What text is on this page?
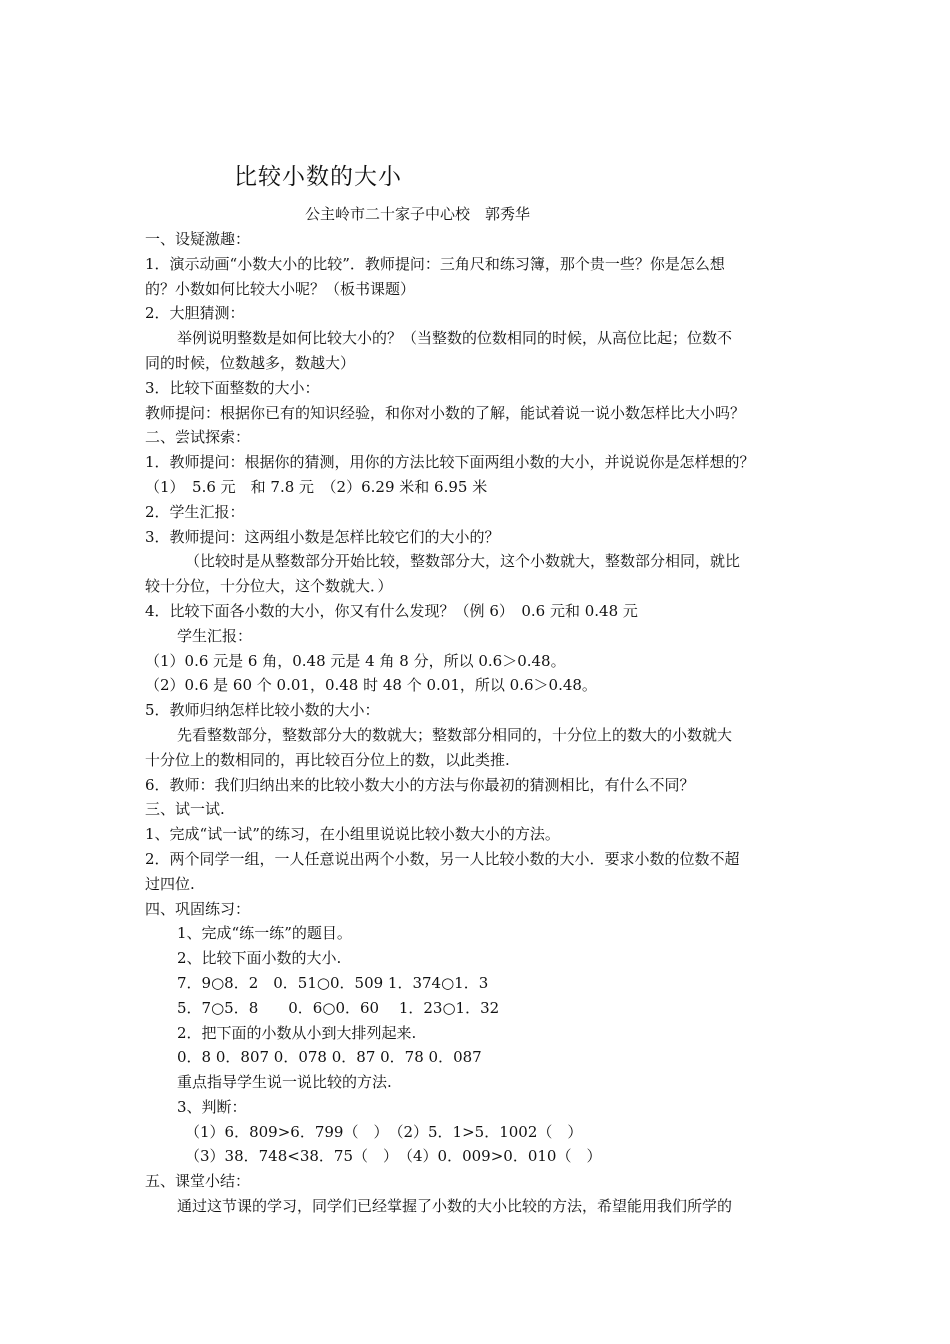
比较小数的大小
公主岭市二十家子中心校　郭秀华
一、设疑激趣：
1．演示动画“小数大小的比较”．教师提问：三角尺和练习簿，那个贵一些？你是怎么想
的？小数如何比较大小呢？（板书课题）
2．大胆猜测：
举例说明整数是如何比较大小的？（当整数的位数相同的时候，从高位比起；位数不
同的时候，位数越多，数越大）
3．比较下面整数的大小：
教师提问：根据你已有的知识经验，和你对小数的了解，能试着说一说小数怎样比大小吗？
二、尝试探索：
1．教师提问：根据你的猜测，用你的方法比较下面两组小数的大小，并说说你是怎样想的？
（1）　5.6 元　和 7.8 元　（2）6.29 米和 6.95 米
2．学生汇报：
3．教师提问：这两组小数是怎样比较它们的大小的？
（比较时是从整数部分开始比较，整数部分大，这个小数就大，整数部分相同，就比
较十分位，十分位大，这个数就大．）
4．比较下面各小数的大小，你又有什么发现？（例 6）　0.6 元和 0.48 元
学生汇报：
（1）0.6 元是 6 角，0.48 元是 4 角 8 分，所以 0.6＞0.48。
（2）0.6 是 60 个 0.01，0.48 时 48 个 0.01，所以 0.6＞0.48。
5．教师归纳怎样比较小数的大小：
先看整数部分，整数部分大的数就大；整数部分相同的，十分位上的数大的小数就大
十分位上的数相同的，再比较百分位上的数，以此类推.
6．教师：我们归纳出来的比较小数大小的方法与你最初的猜测相比，有什么不同？
三、试一试.
1、完成“试一试”的练习，在小组里说说比较小数大小的方法。
2．两个同学一组，一人任意说出两个小数，另一人比较小数的大小．要求小数的位数不超
过四位.
四、巩固练习：
1、完成“练一练”的题目。
2、比较下面小数的大小.
7．9○8．2　0．51○0．509 1．374○1．3
5．7○5．8　　0．6○0．60　 1．23○1．32
2．把下面的小数从小到大排列起来.
0．8 0．807 0．078 0．87 0．78 0．087
重点指导学生说一说比较的方法.
3、判断：
（1）6．809>6．799（　）　（2）5．1>5．1002（　）
（3）38．748<38．75（　）　（4）0．009>0．010（　）
五、课堂小结：
通过这节课的学习，同学们已经掌握了小数的大小比较的方法，希望能用我们所学的
